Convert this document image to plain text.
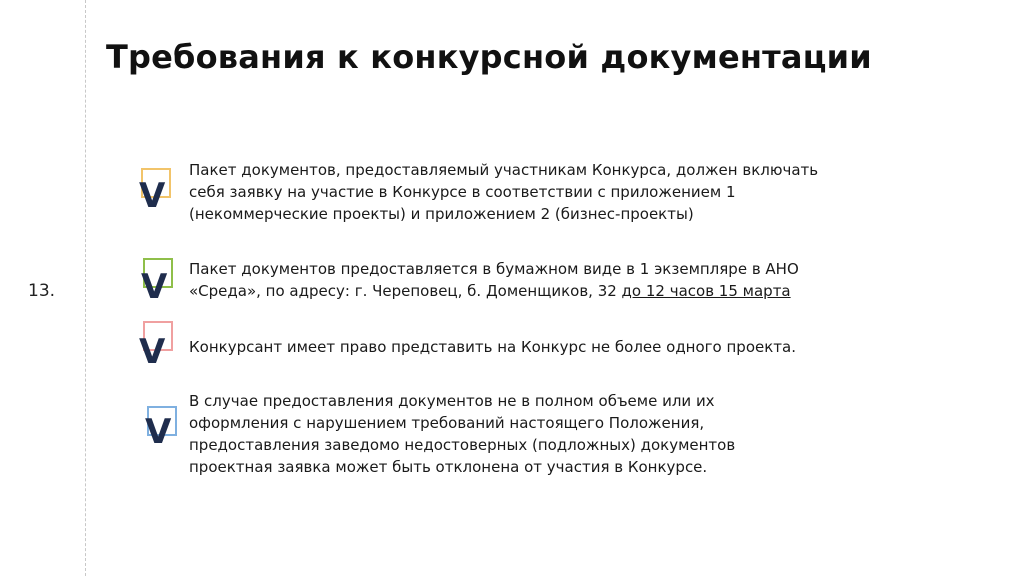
Требования к конкурсной документации
13.
V
Пакет документов, предоставляемый участникам Конкурса, должен включать
себя заявку на участие в Конкурсе в соответствии с приложением 1
(некоммерческие проекты) и приложением 2 (бизнес-проекты)
V Пакет документов предоставляется в бумажном виде в 1 экземпляре в АНО
«Среда», по адресу: г. Череповец, б. Доменщиков, 32 до 12 часов 15 марта
V Конкурсант имеет право представить на Конкурс не более одного проекта.
V
В случае предоставления документов не в полном объеме или их
оформления с нарушением требований настоящего Положения,
предоставления заведомо недостоверных (подложных) документов
проектная заявка может быть отклонена от участия в Конкурсе.
